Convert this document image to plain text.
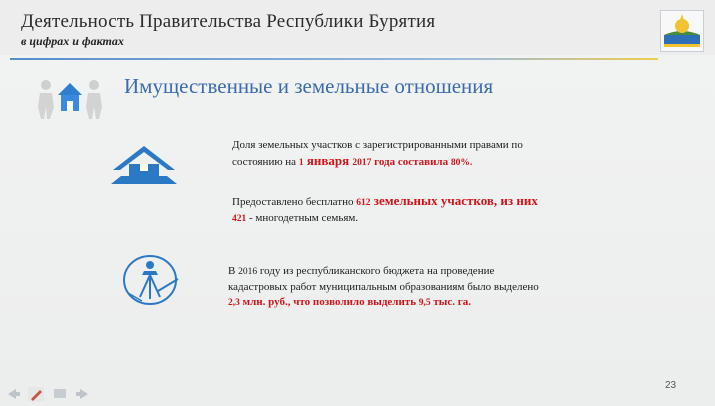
Деятельность Правительства Республики Бурятия
в цифрах и фактах
Имущественные и земельные отношения
Доля земельных участков с зарегистрированными правами по
состоянию на 1 января 2017 года составила 80%.
Предоставлено бесплатно 612 земельных участков, из них
421 - многодетным семьям.
В 2016 году из республиканского бюджета на проведение
кадастровых работ муниципальным образованиям было выделено
2,3 млн. руб., что позволило выделить 9,5 тыс. га.
23
